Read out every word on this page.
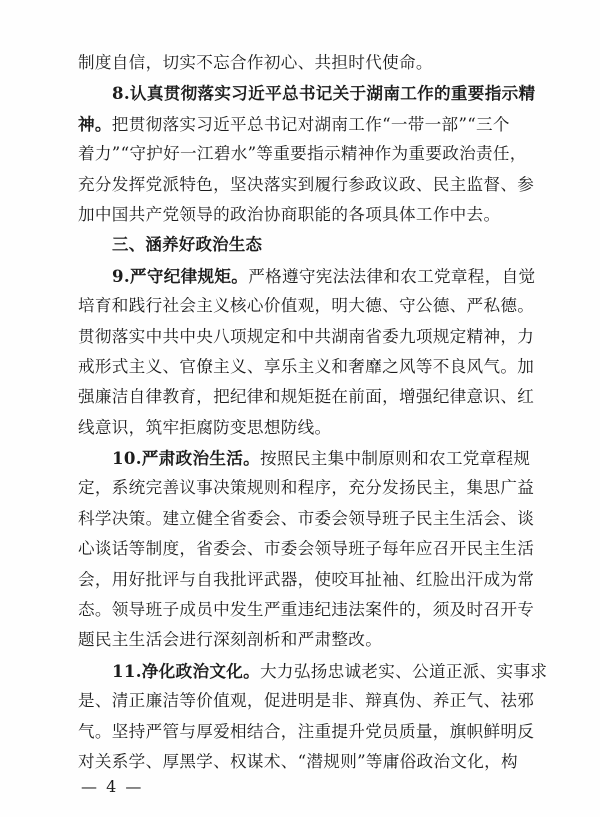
制度自信，切实不忘合作初心、共担时代使命。
8.认真贯彻落实习近平总书记关于湖南工作的重要指示精
神。把贯彻落实习近平总书记对湖南工作“一带一部”“三个
着力”“守护好一江碧水”等重要指示精神作为重要政治责任，
充分发挥党派特色，坚决落实到履行参政议政、民主监督、参
加中国共产党领导的政治协商职能的各项具体工作中去。
三、涵养好政治生态
9.严守纪律规矩。严格遵守宪法法律和农工党章程，自觉
培育和践行社会主义核心价值观，明大德、守公德、严私德。
贯彻落实中共中央八项规定和中共湖南省委九项规定精神，力
戒形式主义、官僚主义、享乐主义和奢靡之风等不良风气。加
强廉洁自律教育，把纪律和规矩挺在前面，增强纪律意识、红
线意识，筑牢拒腐防变思想防线。
10.严肃政治生活。按照民主集中制原则和农工党章程规
定，系统完善议事决策规则和程序，充分发扬民主，集思广益
科学决策。建立健全省委会、市委会领导班子民主生活会、谈
心谈话等制度，省委会、市委会领导班子每年应召开民主生活
会，用好批评与自我批评武器，使咬耳扯袖、红脸出汗成为常
态。领导班子成员中发生严重违纪违法案件的，须及时召开专
题民主生活会进行深刻剖析和严肃整改。
11.净化政治文化。大力弘扬忠诚老实、公道正派、实事求
是、清正廉洁等价值观，促进明是非、辩真伪、养正气、祛邪
气。坚持严管与厚爱相结合，注重提升党员质量，旗帜鲜明反
对关系学、厚黑学、权谋术、“潜规则”等庸俗政治文化，构
— 4 —
